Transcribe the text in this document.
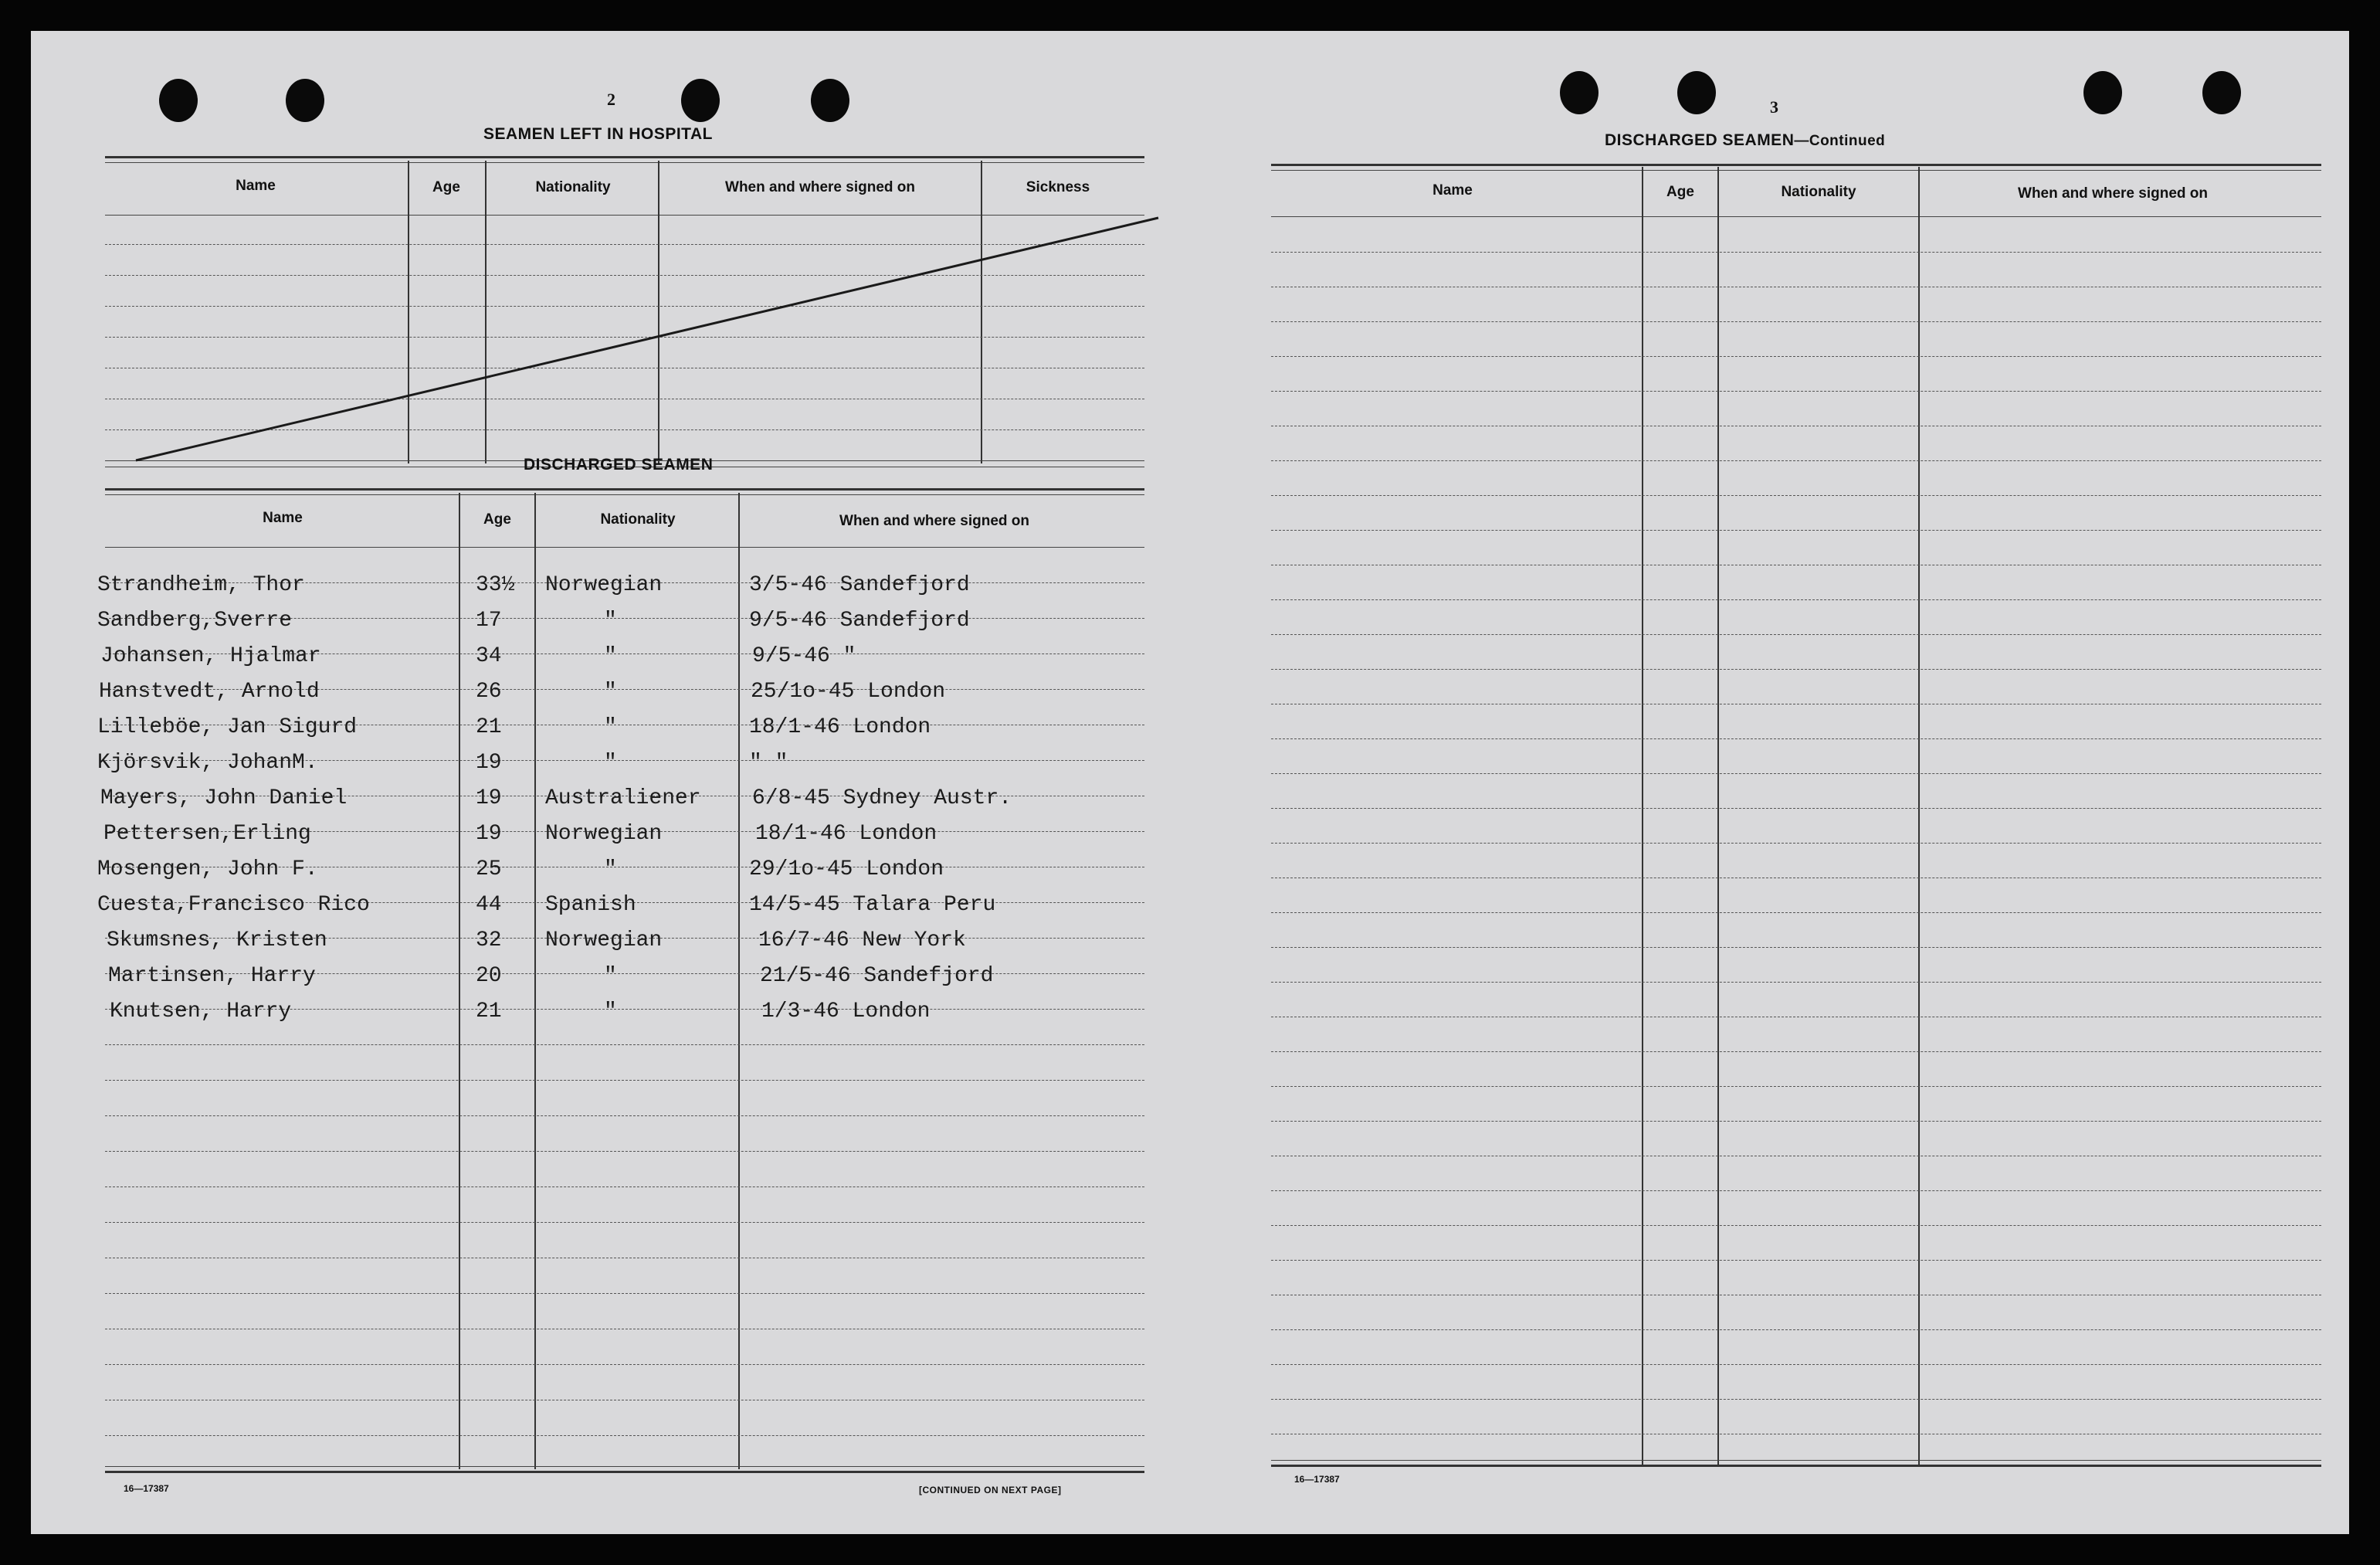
2
SEAMEN LEFT IN HOSPITAL
Name	Age	Nationality	When and where signed on	Sickness
DISCHARGED SEAMEN
Name	Age	Nationality	When and where signed on
Strandheim, Thor	33½ Norwegian	3/5-46 Sandefjord
Sandberg,Sverre	17	"	9/5-46 Sandefjord
Johansen, Hjalmar	34	"	9/5-46 "
Hanstvedt, Arnold	26	"	25/1o-45 London
Lilleböe, Jan Sigurd	21	"	18/1-46 London
Kjörsvik, JohanM.	19	"	" "
Mayers, John Daniel	19 Australiener 6/8-45 Sydney Austr.
Pettersen,Erling	19 Norwegian	18/1-46 London
Mosengen, John F.	25	"	29/1o-45 London
Cuesta,Francisco Rico	44 Spanish	14/5-45 Talara Peru
Skumsnes, Kristen	32 Norwegian	16/7-46 New York
Martinsen, Harry	20	"	21/5-46 Sandefjord
Knutsen, Harry	21	"	1/3-46 London
16—17387	[CONTINUED ON NEXT PAGE]
3
DISCHARGED SEAMEN—Continued
Name	Age	Nationality	When and where signed on
16—17387
